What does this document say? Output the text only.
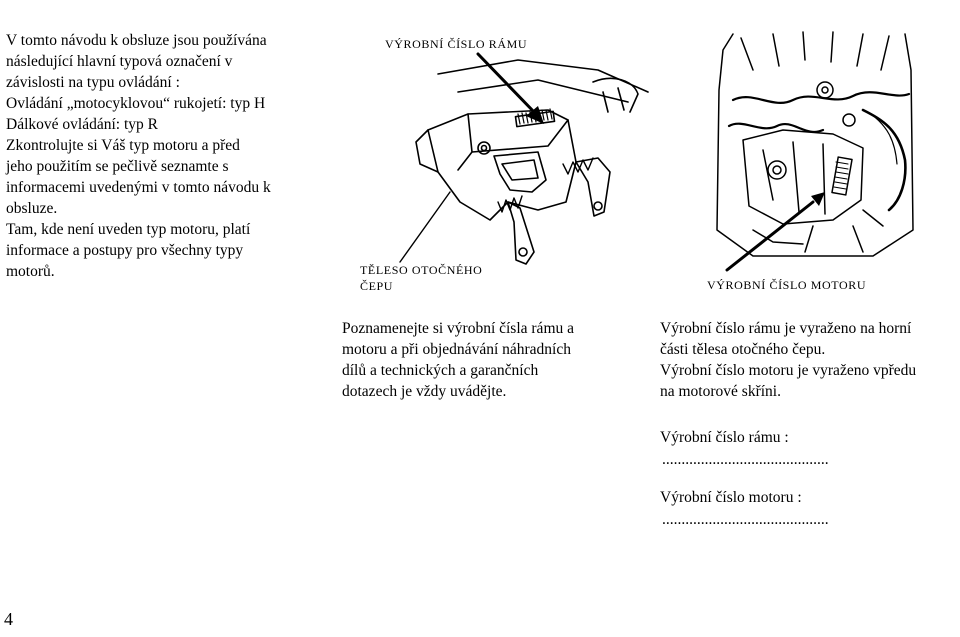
V tomto návodu k obsluze jsou používána

následující hlavní typová označení v

závislosti na typu ovládání :

Ovládání „motocyklovou“ rukojetí: typ H

Dálkové ovládání: typ R

Zkontrolujte si Váš typ motoru a před

jeho použitím se pečlivě seznamte s

informacemi uvedenými v tomto návodu k

obsluze.

Tam, kde není uveden typ motoru, platí

informace a postupy pro všechny typy

motorů.

VÝROBNÍ ČÍSLO RÁMU
TĚLESO OTOČNÉHO
ČEPU	VÝROBNÍ ČÍSLO MOTORU

Poznamenejte si výrobní čísla rámu a

motoru a při objednávání náhradních

dílů a technických a garančních

dotazech je vždy uvádějte.

Výrobní číslo rámu je vyraženo na horní

části tělesa otočného čepu.

Výrobní číslo motoru je vyraženo vpředu

na motorové skříni.

Výrobní číslo rámu :
...........................................
Výrobní číslo motoru :
...........................................
4
